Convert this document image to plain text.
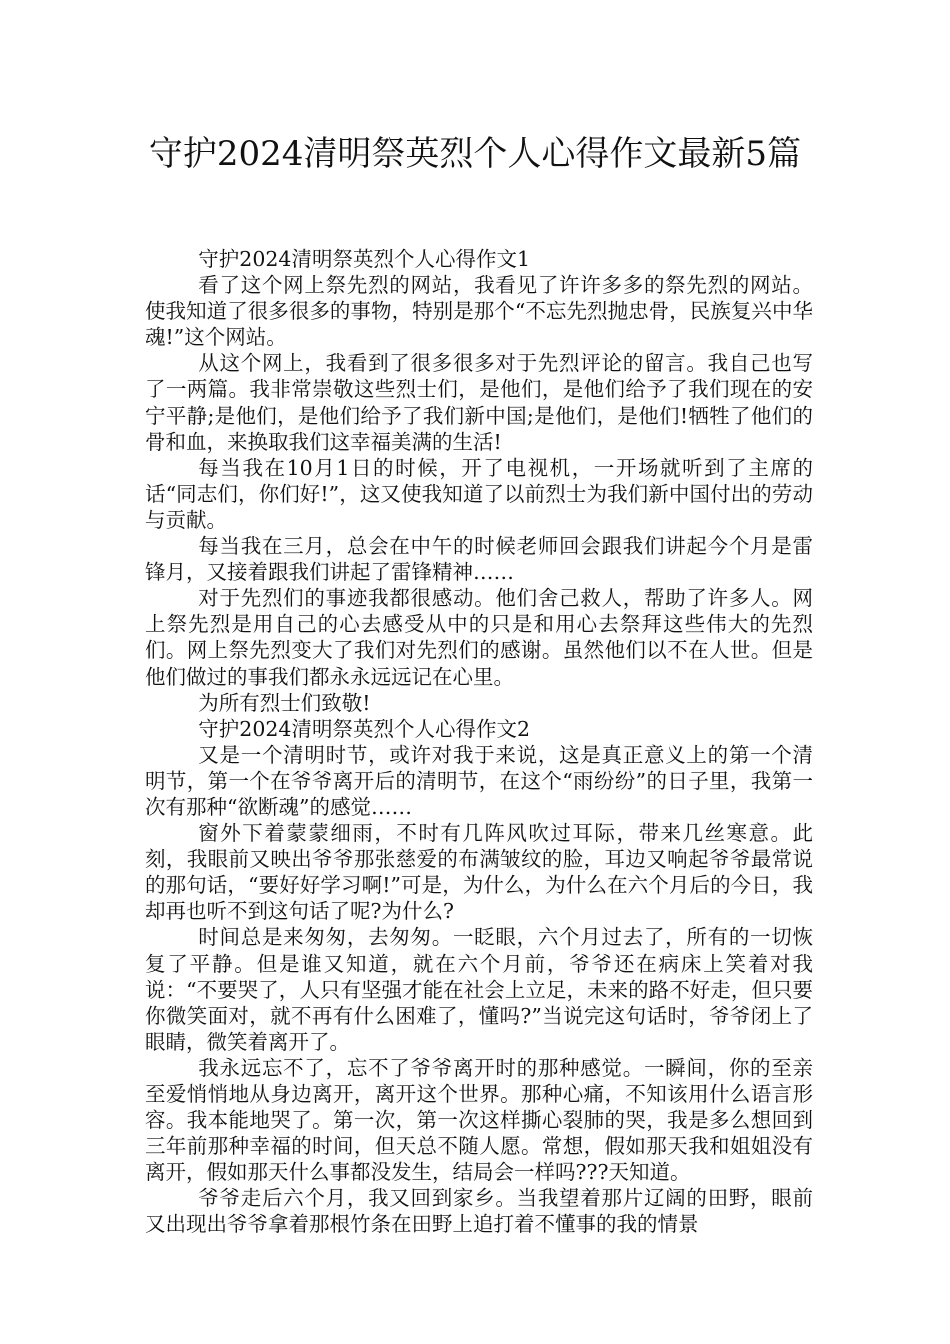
守护2024清明祭英烈个人心得作文最新5篇

守护2024清明祭英烈个人心得作文1

看了这个网上祭先烈的网站，我看见了许许多多的祭先烈的网站。使我知道了很多很多的事物，特别是那个“不忘先烈抛忠骨，民族复兴中华魂!”这个网站。

从这个网上，我看到了很多很多对于先烈评论的留言。我自己也写了一两篇。我非常崇敬这些烈士们，是他们，是他们给予了我们现在的安宁平静;是他们，是他们给予了我们新中国;是他们，是他们!牺牲了他们的骨和血，来换取我们这幸福美满的生活!

每当我在10月1日的时候，开了电视机，一开场就听到了主席的话“同志们，你们好!”，这又使我知道了以前烈士为我们新中国付出的劳动与贡献。

每当我在三月，总会在中午的时候老师回会跟我们讲起今个月是雷锋月，又接着跟我们讲起了雷锋精神……

对于先烈们的事迹我都很感动。他们舍己救人，帮助了许多人。网上祭先烈是用自己的心去感受从中的只是和用心去祭拜这些伟大的先烈们。网上祭先烈变大了我们对先烈们的感谢。虽然他们以不在人世。但是他们做过的事我们都永永远远记在心里。

为所有烈士们致敬!

守护2024清明祭英烈个人心得作文2

又是一个清明时节，或许对我于来说，这是真正意义上的第一个清明节，第一个在爷爷离开后的清明节，在这个“雨纷纷”的日子里，我第一次有那种“欲断魂”的感觉……

窗外下着蒙蒙细雨，不时有几阵风吹过耳际，带来几丝寒意。此刻，我眼前又映出爷爷那张慈爱的布满皱纹的脸，耳边又响起爷爷最常说的那句话，“要好好学习啊!”可是，为什么，为什么在六个月后的今日，我却再也听不到这句话了呢?为什么?

时间总是来匆匆，去匆匆。一眨眼，六个月过去了，所有的一切恢复了平静。但是谁又知道，就在六个月前，爷爷还在病床上笑着对我说：“不要哭了，人只有坚强才能在社会上立足，未来的路不好走，但只要你微笑面对，就不再有什么困难了，懂吗?”当说完这句话时，爷爷闭上了眼睛，微笑着离开了。

我永远忘不了，忘不了爷爷离开时的那种感觉。一瞬间，你的至亲至爱悄悄地从身边离开，离开这个世界。那种心痛，不知该用什么语言形容。我本能地哭了。第一次，第一次这样撕心裂肺的哭，我是多么想回到三年前那种幸福的时间，但天总不随人愿。常想，假如那天我和姐姐没有离开，假如那天什么事都没发生，结局会一样吗???天知道。

爷爷走后六个月，我又回到家乡。当我望着那片辽阔的田野，眼前又出现出爷爷拿着那根竹条在田野上追打着不懂事的我的情景
